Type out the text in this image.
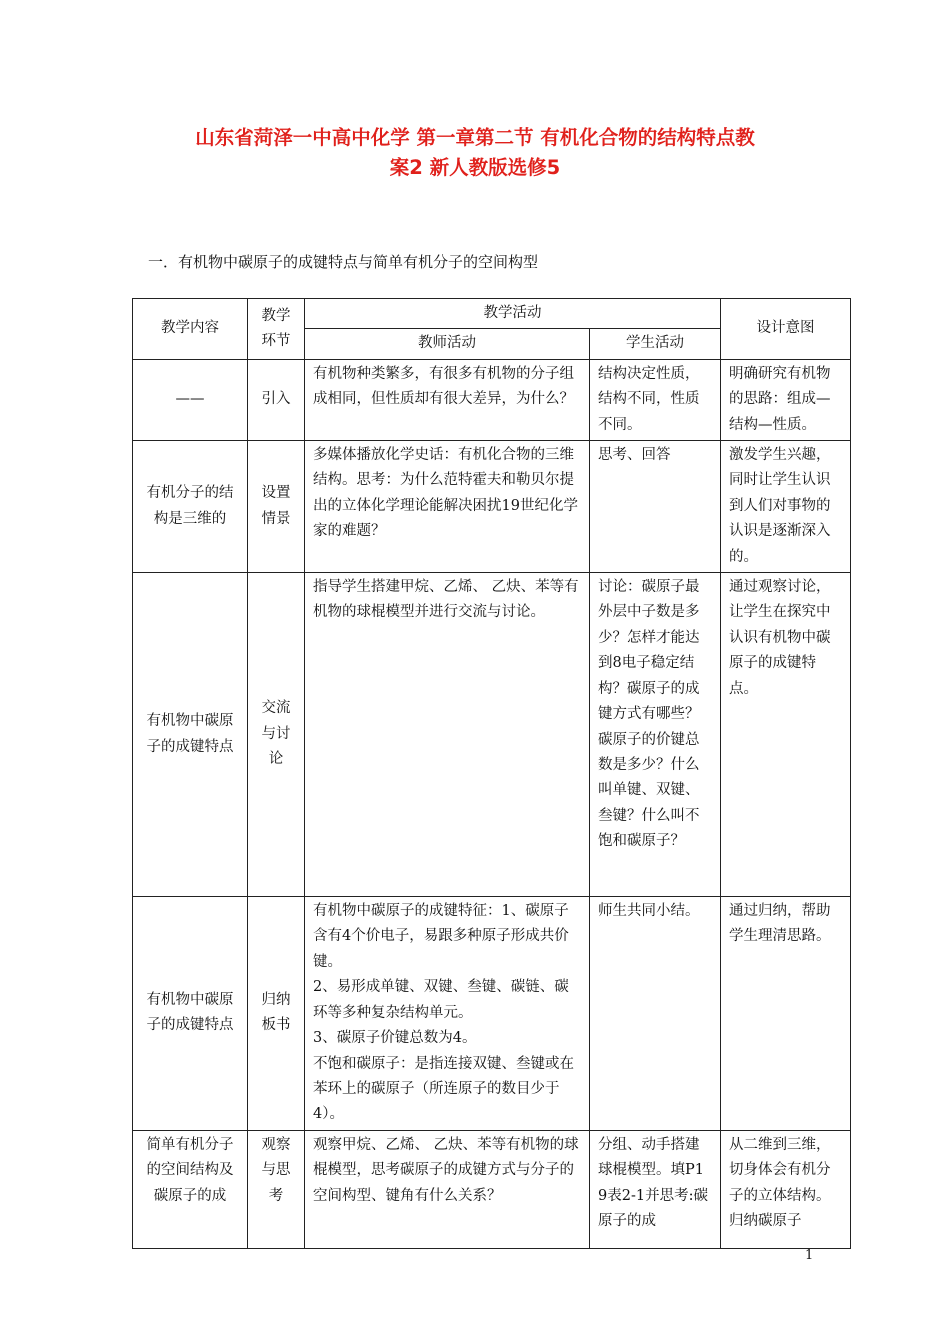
山东省菏泽一中高中化学 第一章第二节 有机化合物的结构特点教
案2 新人教版选修5
一．有机物中碳原子的成键特点与简单有机分子的空间构型
教学内容	教学环节	教学活动		设计意图
		教师活动	学生活动	
——	引入	有机物种类繁多，有很多有机物的分子组成相同，但性质却有很大差异，为什么？	结构决定性质，结构不同，性质不同。	明确研究有机物的思路：组成—结构—性质。
有机分子的结构是三维的	设置情景	多媒体播放化学史话：有机化合物的三维结构。思考：为什么范特霍夫和勒贝尔提出的立体化学理论能解决困扰19世纪化学家的难题？	思考、回答	激发学生兴趣，同时让学生认识到人们对事物的认识是逐渐深入的。
有机物中碳原子的成键特点	交流与讨论	指导学生搭建甲烷、乙烯、 乙炔、苯等有机物的球棍模型并进行交流与讨论。	讨论：碳原子最外层中子数是多少？怎样才能达到8电子稳定结构？碳原子的成键方式有哪些？碳原子的价键总数是多少？什么叫单键、双键、叁键？什么叫不饱和碳原子？	通过观察讨论，让学生在探究中认识有机物中碳原子的成键特点。
有机物中碳原子的成键特点	归纳板书	有机物中碳原子的成键特征：1、碳原子含有4个价电子，易跟多种原子形成共价键。
2、易形成单键、双键、叁键、碳链、碳环等多种复杂结构单元。
3、碳原子价键总数为4。
不饱和碳原子：是指连接双键、叁键或在苯环上的碳原子（所连原子的数目少于4）。	师生共同小结。	通过归纳，帮助学生理清思路。
简单有机分子的空间结构及碳原子的成	观察与思考	观察甲烷、乙烯、 乙炔、苯等有机物的球棍模型，思考碳原子的成键方式与分子的空间构型、键角有什么关系？	分组、动手搭建球棍模型。填P19表2-1并思考:碳原子的成	从二维到三维，切身体会有机分子的立体结构。归纳碳原子
1
